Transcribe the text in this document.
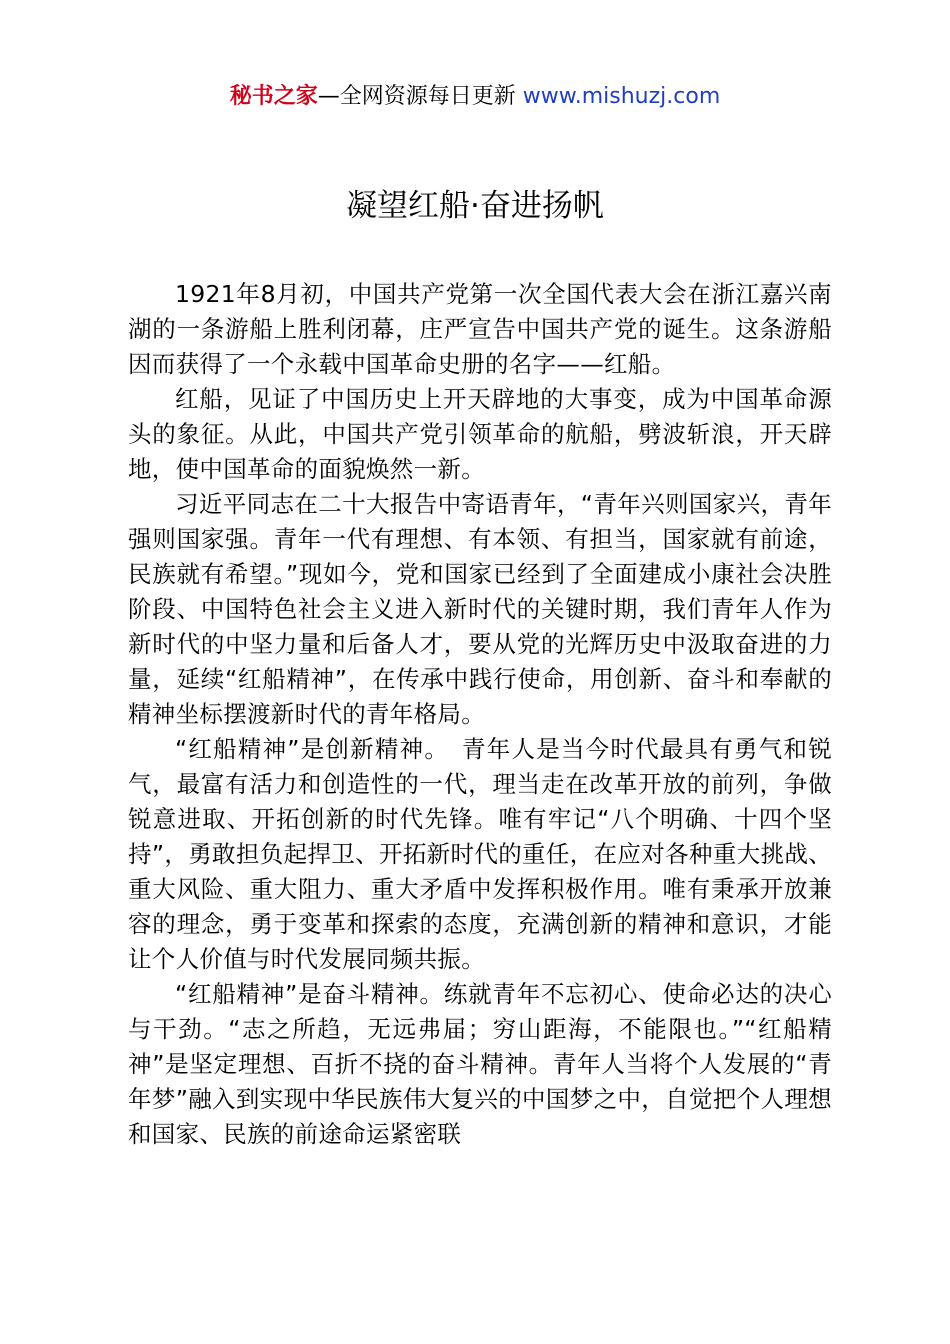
秘书之家—全网资源每日更新 www.mishuzj.com
凝望红船·奋进扬帆

1921年8月初，中国共产党第一次全国代表大会在浙江嘉兴南湖的一条游船上胜利闭幕，庄严宣告中国共产党的诞生。这条游船因而获得了一个永载中国革命史册的名字——红船。

红船，见证了中国历史上开天辟地的大事变，成为中国革命源头的象征。从此，中国共产党引领革命的航船，劈波斩浪，开天辟地，使中国革命的面貌焕然一新。

习近平同志在二十大报告中寄语青年，“青年兴则国家兴，青年强则国家强。青年一代有理想、有本领、有担当，国家就有前途，民族就有希望。”现如今，党和国家已经到了全面建成小康社会决胜阶段、中国特色社会主义进入新时代的关键时期，我们青年人作为新时代的中坚力量和后备人才，要从党的光辉历史中汲取奋进的力量，延续“红船精神”，在传承中践行使命，用创新、奋斗和奉献的精神坐标摆渡新时代的青年格局。

“红船精神”是创新精神。　青年人是当今时代最具有勇气和锐气，最富有活力和创造性的一代，理当走在改革开放的前列，争做锐意进取、开拓创新的时代先锋。唯有牢记“八个明确、十四个坚持”，勇敢担负起捍卫、开拓新时代的重任，在应对各种重大挑战、重大风险、重大阻力、重大矛盾中发挥积极作用。唯有秉承开放兼容的理念，勇于变革和探索的态度，充满创新的精神和意识，才能让个人价值与时代发展同频共振。

“红船精神”是奋斗精神。练就青年不忘初心、使命必达的决心与干劲。“志之所趋，无远弗届；穷山距海，不能限也。”“红船精神”是坚定理想、百折不挠的奋斗精神。青年人当将个人发展的“青年梦”融入到实现中华民族伟大复兴的中国梦之中，自觉把个人理想和国家、民族的前途命运紧密联
